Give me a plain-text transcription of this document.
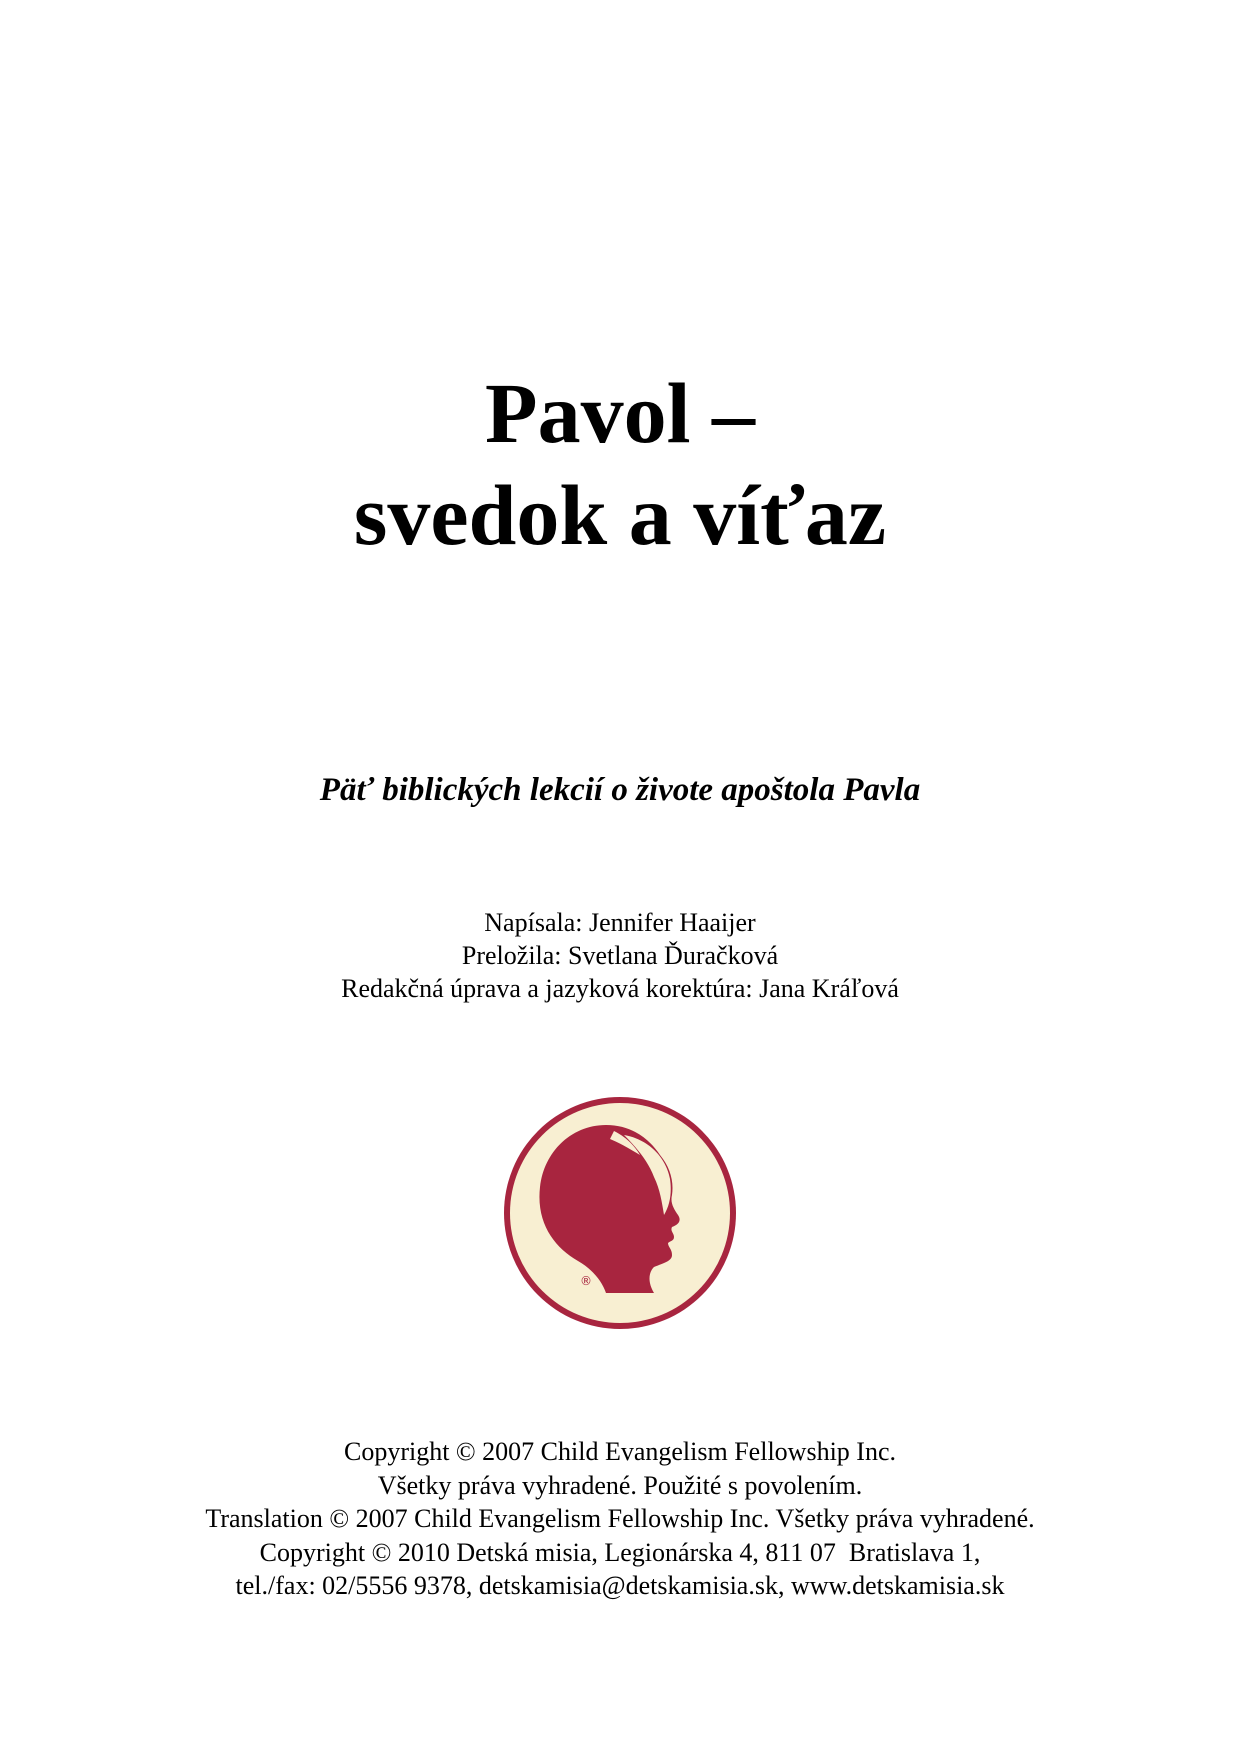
Pavol –
svedok a víťaz
Päť biblických lekcií o živote apoštola Pavla
Napísala: Jennifer Haaijer
Preložila: Svetlana Ďuračková
Redakčná úprava a jazyková korektúra: Jana Kráľová
®
Copyright © 2007 Child Evangelism Fellowship Inc.
Všetky práva vyhradené. Použité s povolením.
Translation © 2007 Child Evangelism Fellowship Inc. Všetky práva vyhradené.
Copyright © 2010 Detská misia, Legionárska 4, 811 07  Bratislava 1,
tel./fax: 02/5556 9378, detskamisia@detskamisia.sk, www.detskamisia.sk
